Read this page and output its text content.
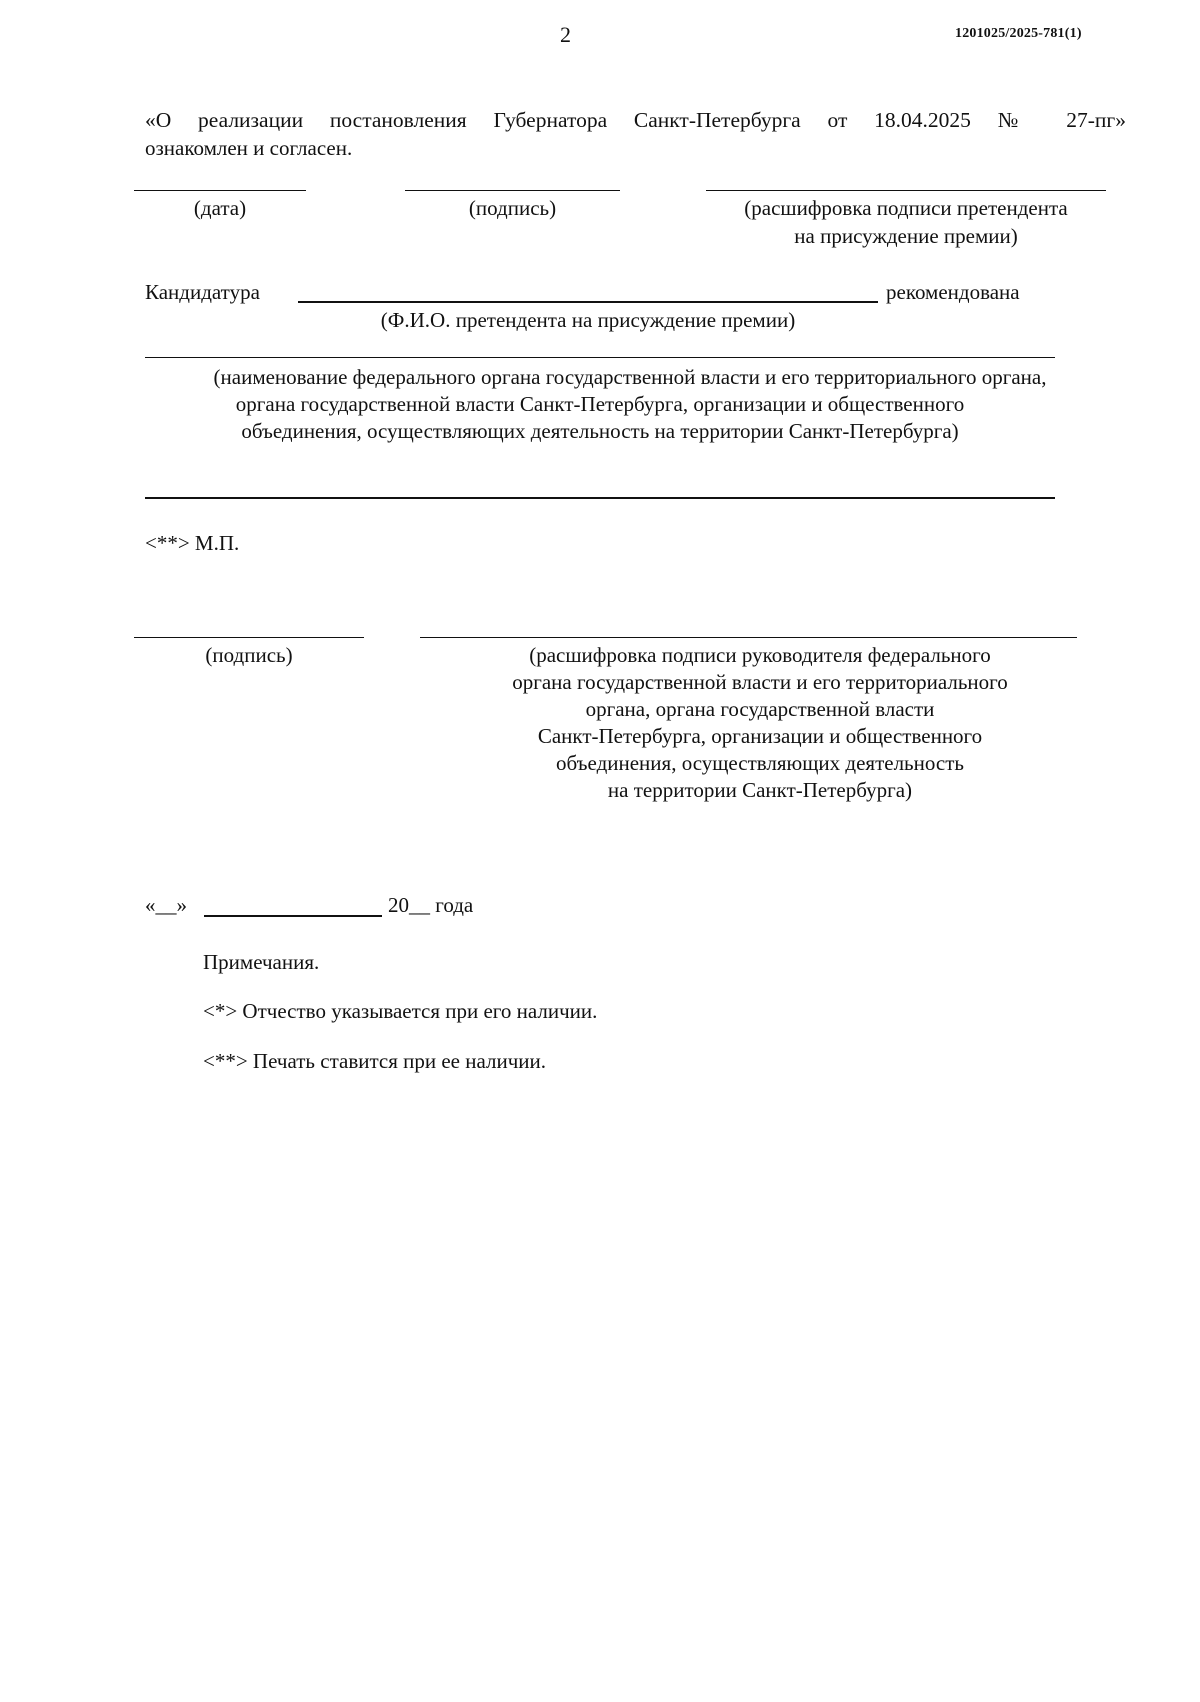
2	1201025/2025-781(1)
«О реализации постановления Губернатора Санкт-Петербурга от 18.04.2025 № 27-пг»
ознакомлен и согласен.
(дата)	(подпись)	(расшифровка подписи претендента
на присуждение премии)
Кандидатура	рекомендована
(Ф.И.О. претендента на присуждение премии)
(наименование федерального органа государственной власти и его территориального органа,
органа государственной власти Санкт-Петербурга, организации и общественного
объединения, осуществляющих деятельность на территории Санкт-Петербурга)
<**> М.П.
(подпись)	(расшифровка подписи руководителя федерального
органа государственной власти и его территориального
органа, органа государственной власти
Санкт-Петербурга, организации и общественного
объединения, осуществляющих деятельность
на территории Санкт-Петербурга)
«__»	20__ года
Примечания.
<*> Отчество указывается при его наличии.
<**> Печать ставится при ее наличии.
